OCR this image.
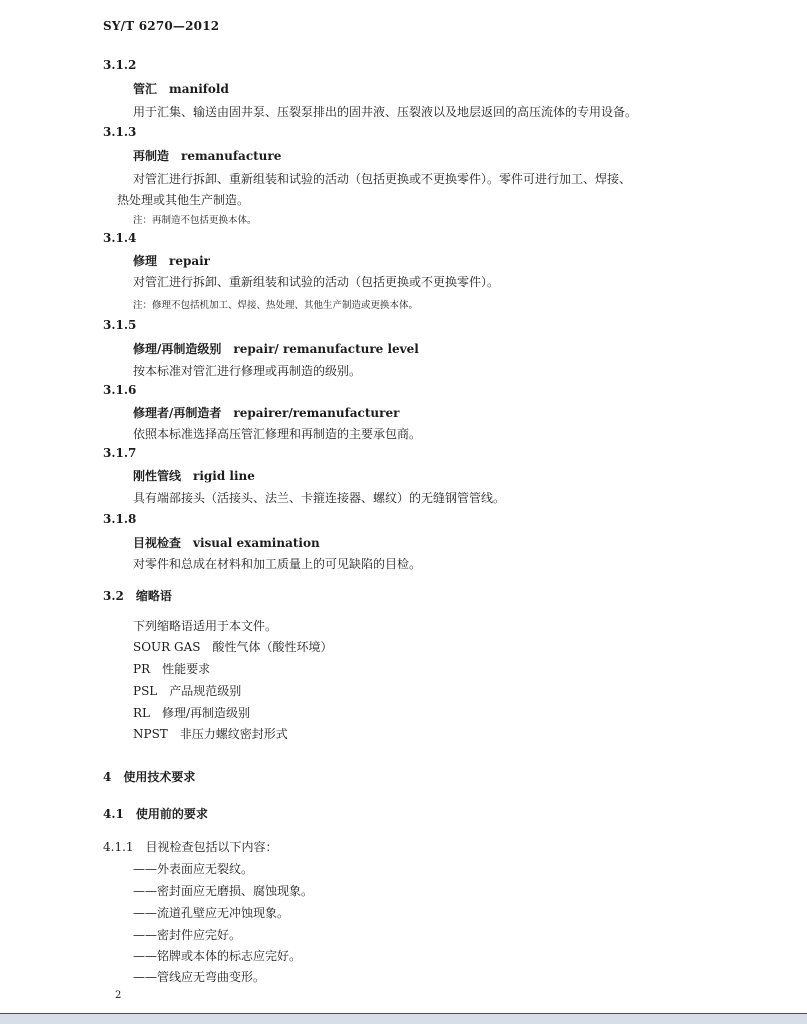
SY/T 6270—2012
3.1.2
管汇　manifold
用于汇集、输送由固井泵、压裂泵排出的固井液、压裂液以及地层返回的高压流体的专用设备。
3.1.3
再制造　remanufacture
对管汇进行拆卸、重新组装和试验的活动（包括更换或不更换零件）。零件可进行加工、焊接、
热处理或其他生产制造。
注：再制造不包括更换本体。
3.1.4
修理　repair
对管汇进行拆卸、重新组装和试验的活动（包括更换或不更换零件）。
注：修理不包括机加工、焊接、热处理、其他生产制造或更换本体。
3.1.5
修理/再制造级别　repair/ remanufacture level
按本标准对管汇进行修理或再制造的级别。
3.1.6
修理者/再制造者　repairer/remanufacturer
依照本标准选择高压管汇修理和再制造的主要承包商。
3.1.7
刚性管线　rigid line
具有端部接头（活接头、法兰、卡箍连接器、螺纹）的无缝钢管管线。
3.1.8
目视检查　visual examination
对零件和总成在材料和加工质量上的可见缺陷的目检。
3.2　缩略语
下列缩略语适用于本文件。
SOUR GAS　酸性气体（酸性环境）
PR　性能要求
PSL　产品规范级别
RL　修理/再制造级别
NPST　非压力螺纹密封形式
4　使用技术要求
4.1　使用前的要求
4.1.1　目视检查包括以下内容：
——外表面应无裂纹。
——密封面应无磨损、腐蚀现象。
——流道孔壁应无冲蚀现象。
——密封件应完好。
——铭牌或本体的标志应完好。
——管线应无弯曲变形。
2
